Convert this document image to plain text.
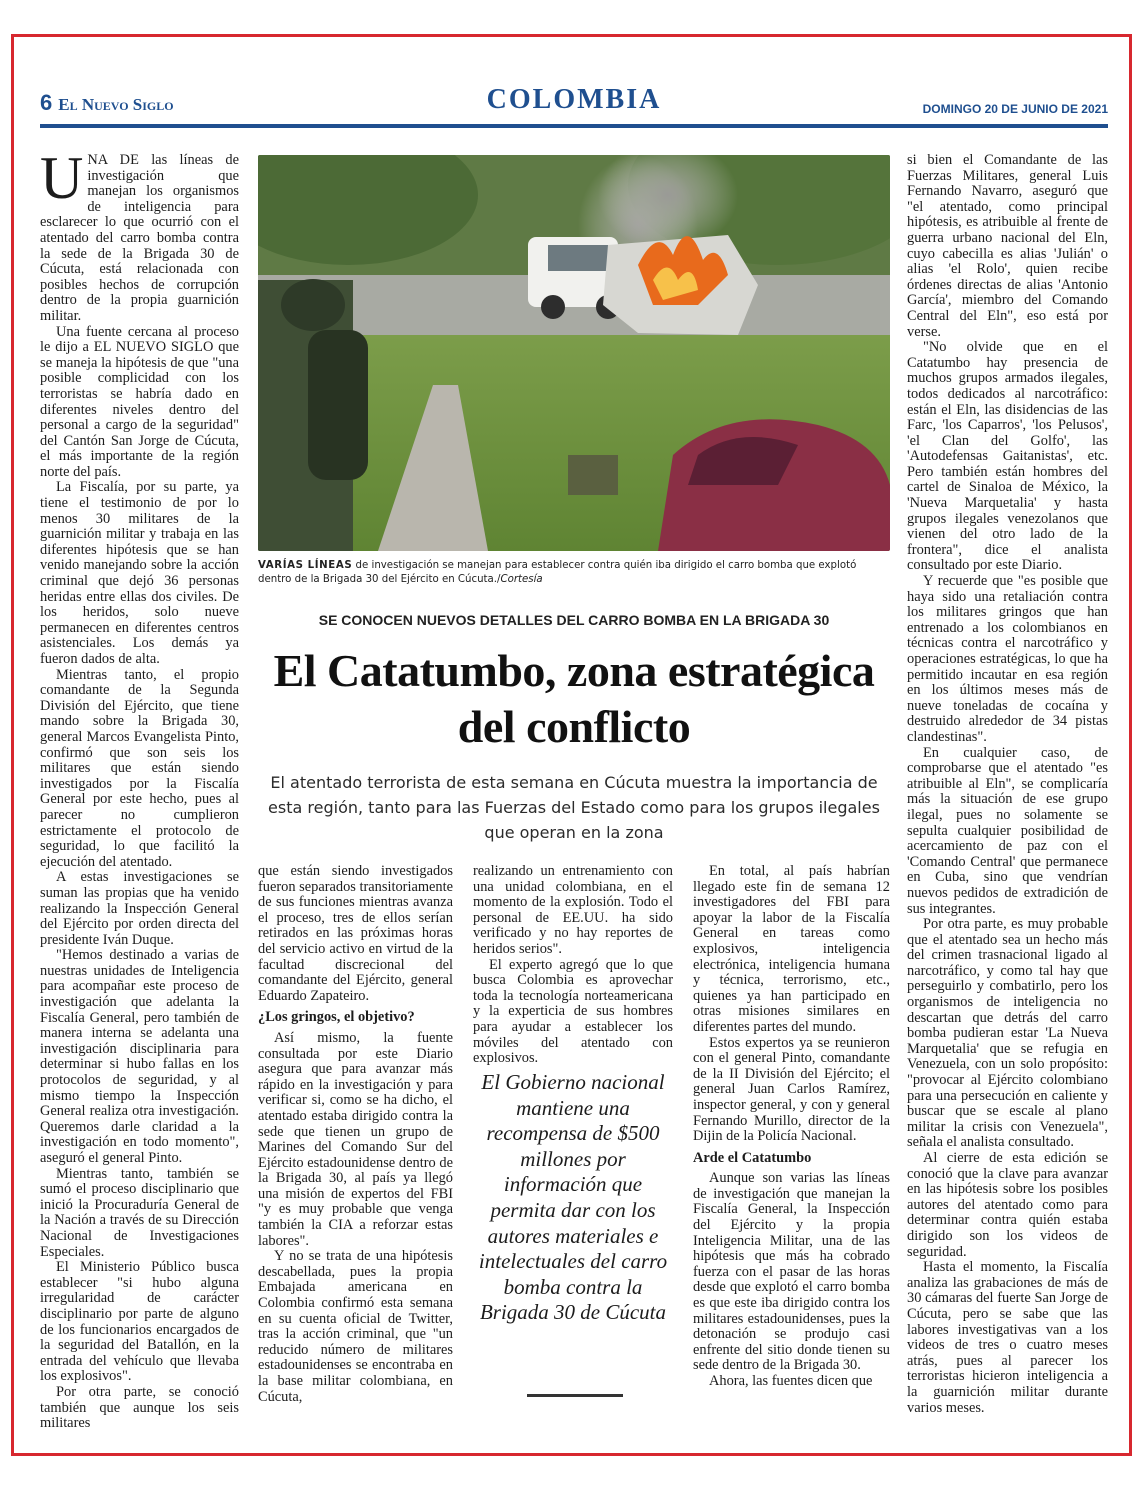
6 El Nuevo Siglo	COLOMBIA	DOMINGO 20 DE JUNIO DE 2021

UNA DE las líneas de investigación que manejan los organismos de inteligencia para esclarecer lo que ocurrió con el atentado del carro bomba contra la sede de la Brigada 30 de Cúcuta, está relacionada con posibles hechos de corrupción dentro de la propia guarnición militar.

Una fuente cercana al proceso le dijo a EL NUEVO SIGLO que se maneja la hipótesis de que "una posible complicidad con los terroristas se habría dado en diferentes niveles dentro del personal a cargo de la seguridad" del Cantón San Jorge de Cúcuta, el más importante de la región norte del país.

La Fiscalía, por su parte, ya tiene el testimonio de por lo menos 30 militares de la guarnición militar y trabaja en las diferentes hipótesis que se han venido manejando sobre la acción criminal que dejó 36 personas heridas entre ellas dos civiles. De los heridos, solo nueve permanecen en diferentes centros asistenciales. Los demás ya fueron dados de alta.

Mientras tanto, el propio comandante de la Segunda División del Ejército, que tiene mando sobre la Brigada 30, general Marcos Evangelista Pinto, confirmó que son seis los militares que están siendo investigados por la Fiscalía General por este hecho, pues al parecer no cumplieron estrictamente el protocolo de seguridad, lo que facilitó la ejecución del atentado.

A estas investigaciones se suman las propias que ha venido realizando la Inspección General del Ejército por orden directa del presidente Iván Duque.

"Hemos destinado a varias de nuestras unidades de Inteligencia para acompañar este proceso de investigación que adelanta la Fiscalía General, pero también de manera interna se adelanta una investigación disciplinaria para determinar si hubo fallas en los protocolos de seguridad, y al mismo tiempo la Inspección General realiza otra investigación. Queremos darle claridad a la investigación en todo momento", aseguró el general Pinto.

Mientras tanto, también se sumó el proceso disciplinario que inició la Procuraduría General de la Nación a través de su Dirección Nacional de Investigaciones Especiales.

El Ministerio Público busca establecer "si hubo alguna irregularidad de carácter disciplinario por parte de alguno de los funcionarios encargados de la seguridad del Batallón, en la entrada del vehículo que llevaba los explosivos".

Por otra parte, se conoció también que aunque los seis militares

VARÍAS LÍNEAS de investigación se manejan para establecer contra quién iba dirigido el carro bomba que explotó dentro de la Brigada 30 del Ejército en Cúcuta./Cortesía
SE CONOCEN NUEVOS DETALLES DEL CARRO BOMBA EN LA BRIGADA 30
El Catatumbo, zona estratégica del conflicto
El atentado terrorista de esta semana en Cúcuta muestra la importancia de esta región, tanto para las Fuerzas del Estado como para los grupos ilegales que operan en la zona

que están siendo investigados fueron separados transitoriamente de sus funciones mientras avanza el proceso, tres de ellos serían retirados en las próximas horas del servicio activo en virtud de la facultad discrecional del comandante del Ejército, general Eduardo Zapateiro.

¿Los gringos, el objetivo?

Así mismo, la fuente consultada por este Diario asegura que para avanzar más rápido en la investigación y para verificar si, como se ha dicho, el atentado estaba dirigido contra la sede que tienen un grupo de Marines del Comando Sur del Ejército estadounidense dentro de la Brigada 30, al país ya llegó una misión de expertos del FBI "y es muy probable que venga también la CIA a reforzar estas labores".

Y no se trata de una hipótesis descabellada, pues la propia Embajada americana en Colombia confirmó esta semana en su cuenta oficial de Twitter, tras la acción criminal, que "un reducido número de militares estadounidenses se encontraba en la base militar colombiana, en Cúcuta,

realizando un entrenamiento con una unidad colombiana, en el momento de la explosión. Todo el personal de EE.UU. ha sido verificado y no hay reportes de heridos serios".

El experto agregó que lo que busca Colombia es aprovechar toda la tecnología norteamericana y la experticia de sus hombres para ayudar a establecer los móviles del atentado con explosivos.

El Gobierno nacional mantiene una recompensa de $500 millones por información que permita dar con los autores materiales e intelectuales del carro bomba contra la Brigada 30 de Cúcuta

En total, al país habrían llegado este fin de semana 12 investigadores del FBI para apoyar la labor de la Fiscalía General en tareas como explosivos, inteligencia electrónica, inteligencia humana y técnica, terrorismo, etc., quienes ya han participado en otras misiones similares en diferentes partes del mundo.

Estos expertos ya se reunieron con el general Pinto, comandante de la II División del Ejército; el general Juan Carlos Ramírez, inspector general, y con y general Fernando Murillo, director de la Dijin de la Policía Nacional.

Arde el Catatumbo

Aunque son varias las líneas de investigación que manejan la Fiscalía General, la Inspección del Ejército y la propia Inteligencia Militar, una de las hipótesis que más ha cobrado fuerza con el pasar de las horas desde que explotó el carro bomba es que este iba dirigido contra los militares estadounidenses, pues la detonación se produjo casi enfrente del sitio donde tienen su sede dentro de la Brigada 30.

Ahora, las fuentes dicen que

si bien el Comandante de las Fuerzas Militares, general Luis Fernando Navarro, aseguró que "el atentado, como principal hipótesis, es atribuible al frente de guerra urbano nacional del Eln, cuyo cabecilla es alias 'Julián' o alias 'el Rolo', quien recibe órdenes directas de alias 'Antonio García', miembro del Comando Central del Eln", eso está por verse.

"No olvide que en el Catatumbo hay presencia de muchos grupos armados ilegales, todos dedicados al narcotráfico: están el Eln, las disidencias de las Farc, 'los Caparros', 'los Pelusos', 'el Clan del Golfo', las 'Autodefensas Gaitanistas', etc. Pero también están hombres del cartel de Sinaloa de México, la 'Nueva Marquetalia' y hasta grupos ilegales venezolanos que vienen del otro lado de la frontera", dice el analista consultado por este Diario.

Y recuerde que "es posible que haya sido una retaliación contra los militares gringos que han entrenado a los colombianos en técnicas contra el narcotráfico y operaciones estratégicas, lo que ha permitido incautar en esa región en los últimos meses más de nueve toneladas de cocaína y destruido alrededor de 34 pistas clandestinas".

En cualquier caso, de comprobarse que el atentado "es atribuible al Eln", se complicaría más la situación de ese grupo ilegal, pues no solamente se sepulta cualquier posibilidad de acercamiento de paz con el 'Comando Central' que permanece en Cuba, sino que vendrían nuevos pedidos de extradición de sus integrantes.

Por otra parte, es muy probable que el atentado sea un hecho más del crimen trasnacional ligado al narcotráfico, y como tal hay que perseguirlo y combatirlo, pero los organismos de inteligencia no descartan que detrás del carro bomba pudieran estar 'La Nueva Marquetalia' que se refugia en Venezuela, con un solo propósito: "provocar al Ejército colombiano para una persecución en caliente y buscar que se escale al plano militar la crisis con Venezuela", señala el analista consultado.

Al cierre de esta edición se conoció que la clave para avanzar en las hipótesis sobre los posibles autores del atentado como para determinar contra quién estaba dirigido son los videos de seguridad.

Hasta el momento, la Fiscalía analiza las grabaciones de más de 30 cámaras del fuerte San Jorge de Cúcuta, pero se sabe que las labores investigativas van a los videos de tres o cuatro meses atrás, pues al parecer los terroristas hicieron inteligencia a la guarnición militar durante varios meses.
